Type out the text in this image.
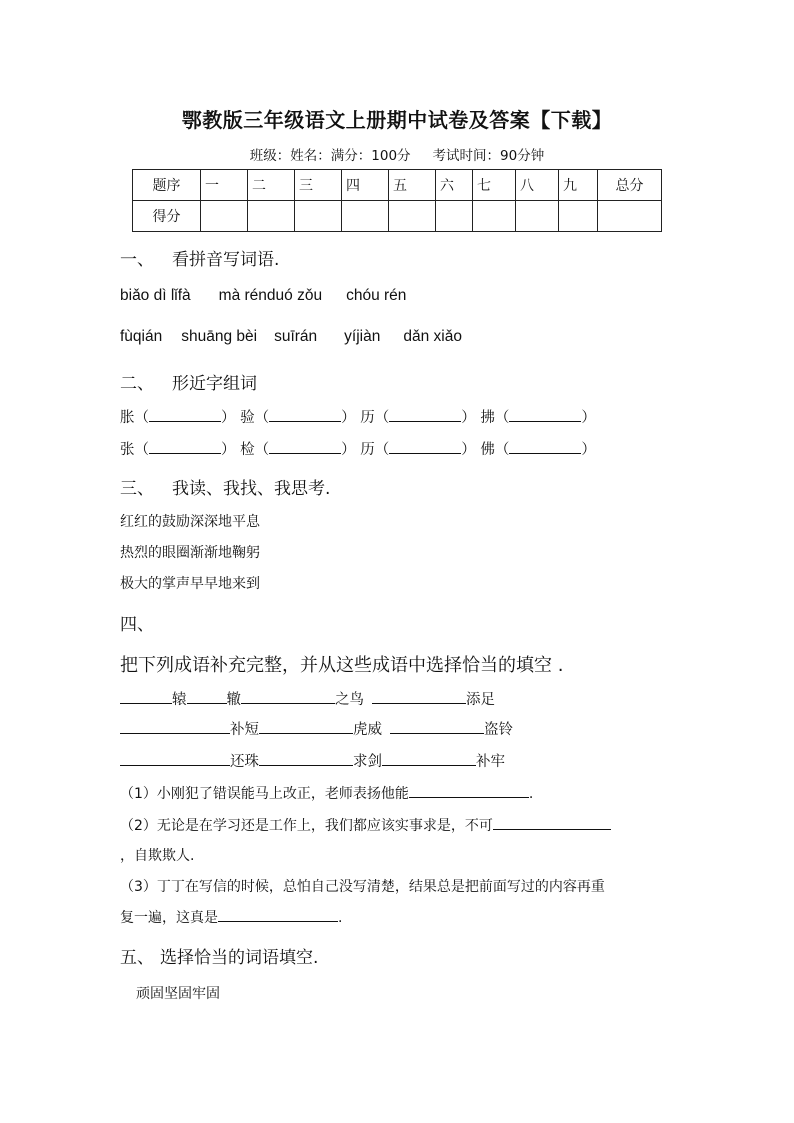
鄂教版三年级语文上册期中试卷及答案【下载】
班级：姓名：满分：100分 考试时间：90分钟
题序	一	二	三	四	五	六	七	八	九	总分
得分										
一、 看拼音写词语.
biǎo dì lǐfà mà rénduó zǒu chóu rén
fùqián shuāng bèi suīrán yíjiàn dǎn xiǎo
二、 形近字组词
胀（	） 验（	） 历（	） 拂（	）
张（	） 检（	） 历（	） 佛（	）
三、 我读、我找、我思考.
红红的鼓励深深地平息
热烈的眼圈渐渐地鞠躬
极大的掌声早早地来到
四、
把下列成语补充完整，并从这些成语中选择恰当的填空 .
辕	辙	之鸟	添足
补短	虎威	盗铃
还珠	求剑	补牢
（1）小刚犯了错误能马上改正，老师表扬他能	.
（2）无论是在学习还是工作上，我们都应该实事求是，不可
，自欺欺人.
（3）丁丁在写信的时候，总怕自己没写清楚，结果总是把前面写过的内容再重
复一遍，这真是	.
五、 选择恰当的词语填空.
顽固坚固牢固
